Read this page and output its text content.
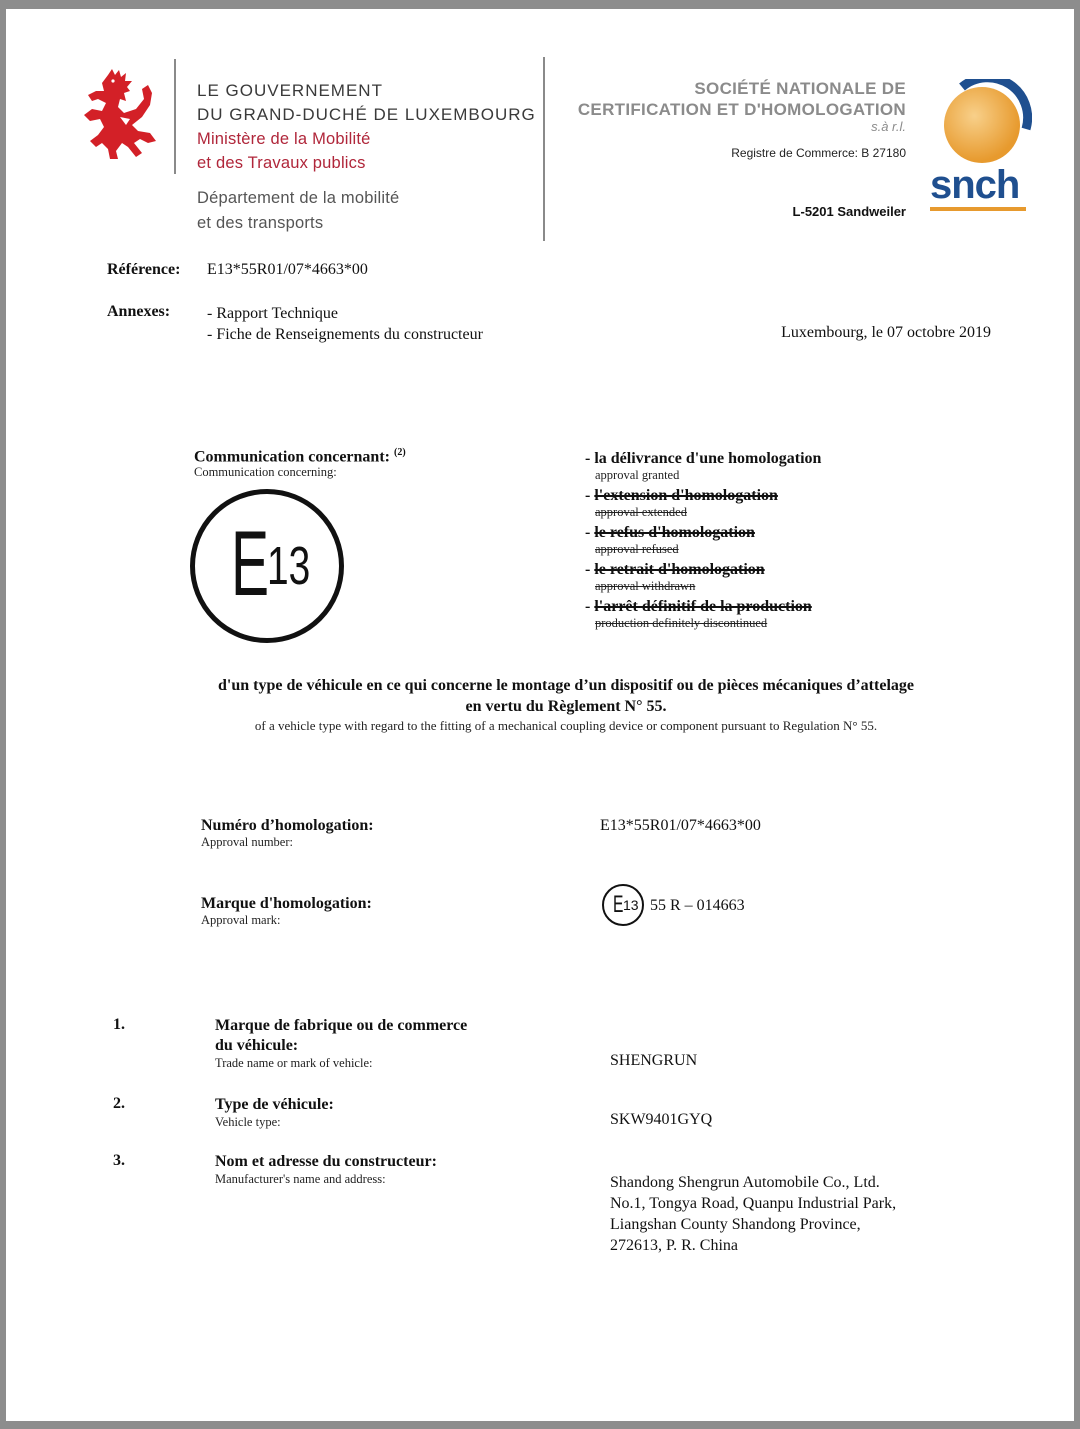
LE GOUVERNEMENT
DU GRAND-DUCHÉ DE LUXEMBOURG
Ministère de la Mobilité
et des Travaux publics
Département de la mobilité
et des transports
SOCIÉTÉ NATIONALE DE
CERTIFICATION ET D'HOMOLOGATION
s.à r.l.
Registre de Commerce: B 27180
L-5201 Sandweiler
snch
Référence: E13*55R01/07*4663*00
Annexes: - Rapport Technique
- Fiche de Renseignements du constructeur	Luxembourg, le 07 octobre 2019
Communication concernant: $^{(2)}$
Communication concerning:
E
13
- la délivrance d'une homologation
approval granted
- l'extension d'homologation
approval extended
- le refus d'homologation
approval refused
- le retrait d'homologation
approval withdrawn
- l'arrêt définitif de la production
production definitely discontinued
d'un type de véhicule en ce qui concerne le montage d’un dispositif ou de pièces mécaniques d’attelage
en vertu du Règlement N° 55.
of a vehicle type with regard to the fitting of a mechanical coupling device or component pursuant to Regulation N° 55.
Numéro d’homologation:
Approval number:
E13*55R01/07*4663*00
Marque d'homologation:
Approval mark:
E 13 55 R – 014663
1.	Marque de fabrique ou de commerce
du véhicule:
Trade name or mark of vehicle:	SHENGRUN
2.	Type de véhicule:
Vehicle type:	SKW9401GYQ
3.	Nom et adresse du constructeur:
Manufacturer's name and address:	Shandong Shengrun Automobile Co., Ltd.
No.1, Tongya Road, Quanpu Industrial Park,
Liangshan County Shandong Province,
272613, P. R. China
